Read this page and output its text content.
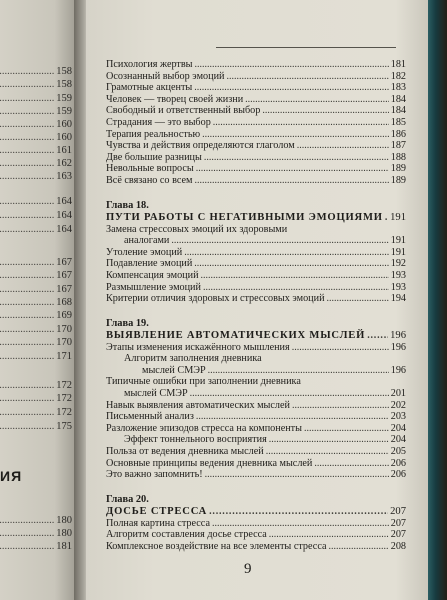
ИЯ
..... 158
..... 158
..... 159
..... 159
..... 160
..... 160
..... 161
..... 162
..... 163
..... 164
..... 164
..... 164
..... 167
..... 167
..... 167
..... 168
..... 169
..... 170
..... 170
..... 171
..... 172
..... 172
..... 172
..... 175
..... 180
..... 180
..... 181
Психология жертвы .....	181
Осознанный выбор эмоций .....	182
Грамотные акценты .....	183
Человек — творец своей жизни .....	184
Свободный и ответственный выбор .....	184
Страдания — это выбор .....	185
Терапия реальностью .....	186
Чувства и действия определяются глаголом .....	187
Две большие разницы .....	188
Невольные вопросы .....	189
Всё связано со всем .....	189
Глава 18.
ПУТИ РАБОТЫ С НЕГАТИВНЫМИ ЭМОЦИЯМИ ..... 191
Замена стрессовых эмоций их здоровыми
аналогами .....	191
Утоление эмоций .....	191
Подавление эмоций .....	192
Компенсация эмоций .....	193
Размышление эмоций .....	193
Критерии отличия здоровых и стрессовых эмоций .....	194
Глава 19.
ВЫЯВЛЕНИЕ АВТОМАТИЧЕСКИХ МЫСЛЕЙ ..... 196
Этапы изменения искажённого мышления .....	196
Алгоритм заполнения дневника
мыслей СМЭР .....	196
Типичные ошибки при заполнении дневника
мыслей СМЭР .....	201
Навык выявления автоматических мыслей .....	202
Письменный анализ .....	203
Разложение эпизодов стресса на компоненты .....	204
Эффект тоннельного восприятия .....	204
Польза от ведения дневника мыслей .....	205
Основные принципы ведения дневника мыслей .....	206
Это важно запомнить! .....	206
Глава 20.
ДОСЬЕ СТРЕССА .....	207
Полная картина стресса .....	207
Алгоритм составления досье стресса .....	207
Комплексное воздействие на все элементы стресса .....	208
9
